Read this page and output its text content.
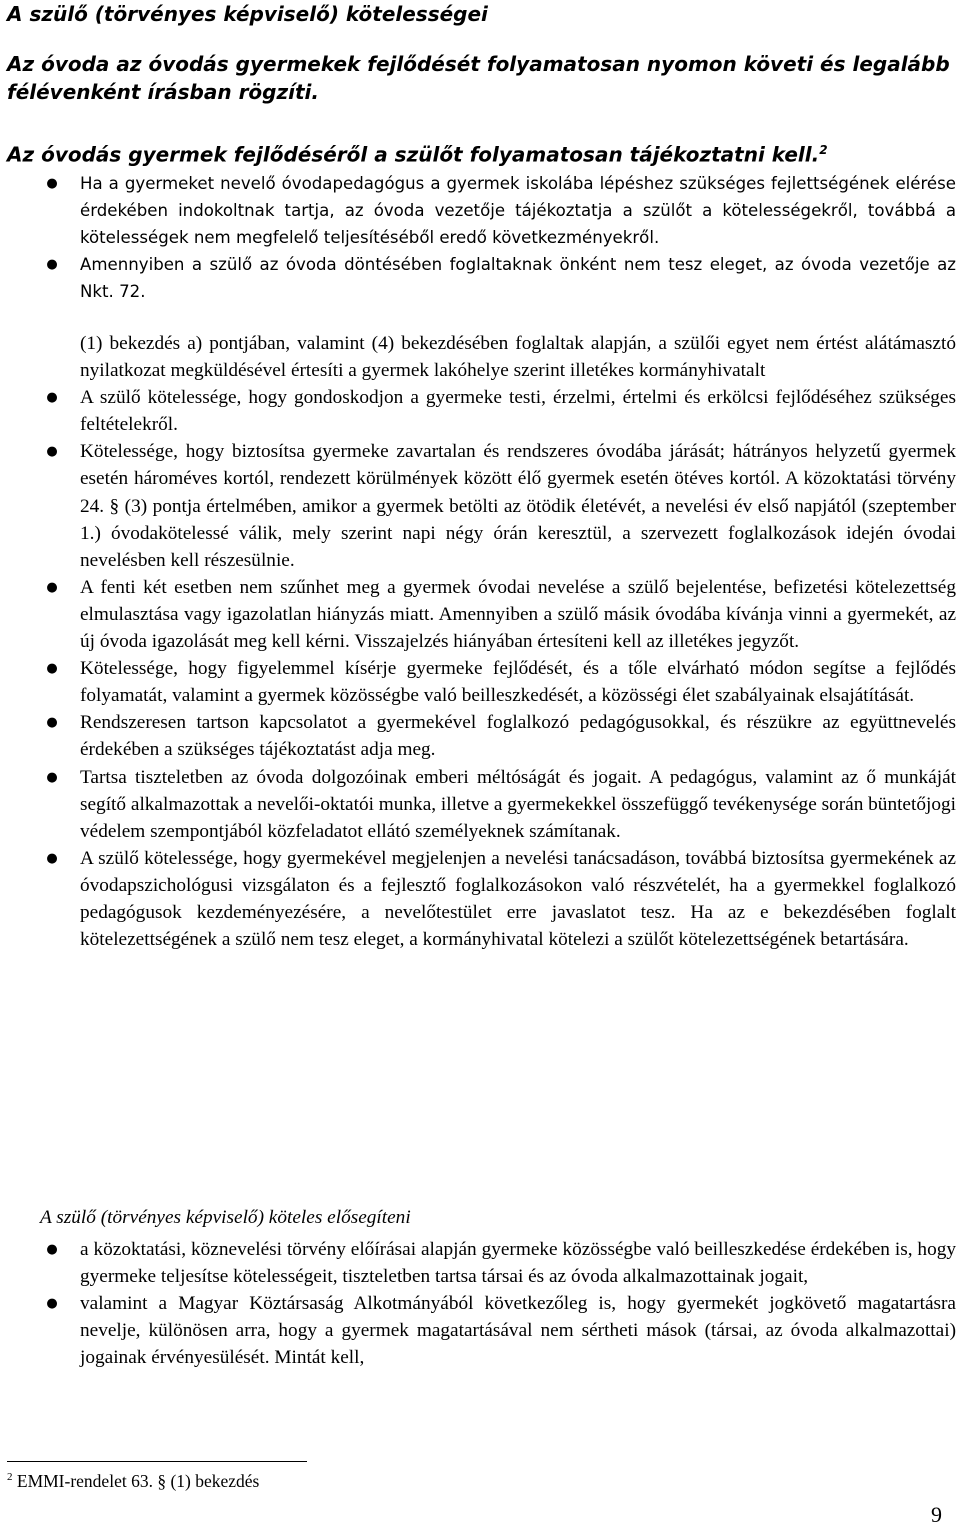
A szülő (törvényes képviselő) kötelességei

Az óvoda az óvodás gyermekek fejlődését folyamatosan nyomon követi és legalább félévenként írásban rögzíti.

Az óvodás gyermek fejlődéséről a szülőt folyamatosan tájékoztatni kell.$^2$

● Ha a gyermeket nevelő óvodapedagógus a gyermek iskolába lépéshez szükséges fejlettségének elérése érdekében indokoltnak tartja, az óvoda vezetője tájékoztatja a szülőt a kötelességekről, továbbá a kötelességek nem megfelelő teljesítéséből eredő következményekről.
● Amennyiben a szülő az óvoda döntésében foglaltaknak önként nem tesz eleget, az óvoda vezetője az Nkt. 72.
(1) bekezdés a) pontjában, valamint (4) bekezdésében foglaltak alapján, a szülői egyet nem értést alátámasztó nyilatkozat megküldésével értesíti a gyermek lakóhelye szerint illetékes kormányhivatalt
● A szülő kötelessége, hogy gondoskodjon a gyermeke testi, érzelmi, értelmi és erkölcsi fejlődéséhez szükséges feltételekről.
● Kötelessége, hogy biztosítsa gyermeke zavartalan és rendszeres óvodába járását; hátrányos helyzetű gyermek esetén hároméves kortól, rendezett körülmények között élő gyermek esetén ötéves kortól. A közoktatási törvény 24. § (3) pontja értelmében, amikor a gyermek betölti az ötödik életévét, a nevelési év első napjától (szeptember 1.) óvodakötelessé válik, mely szerint napi négy órán keresztül, a szervezett foglalkozások idején óvodai nevelésben kell részesülnie.
● A fenti két esetben nem szűnhet meg a gyermek óvodai nevelése a szülő bejelentése, befizetési kötelezettség elmulasztása vagy igazolatlan hiányzás miatt. Amennyiben a szülő másik óvodába kívánja vinni a gyermekét, az új óvoda igazolását meg kell kérni. Visszajelzés hiányában értesíteni kell az illetékes jegyzőt.
● Kötelessége, hogy figyelemmel kísérje gyermeke fejlődését, és a tőle elvárható módon segítse a fejlődés folyamatát, valamint a gyermek közösségbe való beilleszkedését, a közösségi élet szabályainak elsajátítását.
● Rendszeresen tartson kapcsolatot a gyermekével foglalkozó pedagógusokkal, és részükre az együttnevelés érdekében a szükséges tájékoztatást adja meg.
● Tartsa tiszteletben az óvoda dolgozóinak emberi méltóságát és jogait. A pedagógus, valamint az ő munkáját segítő alkalmazottak a nevelői-oktatói munka, illetve a gyermekekkel összefüggő tevékenysége során büntetőjogi védelem szempontjából közfeladatot ellátó személyeknek számítanak.
● A szülő kötelessége, hogy gyermekével megjelenjen a nevelési tanácsadáson, továbbá biztosítsa gyermekének az óvodapszichológusi vizsgálaton és a fejlesztő foglalkozásokon való részvételét, ha a gyermekkel foglalkozó pedagógusok kezdeményezésére, a nevelőtestület erre javaslatot tesz. Ha az e bekezdésében foglalt kötelezettségének a szülő nem tesz eleget, a kormányhivatal kötelezi a szülőt kötelezettségének betartására.

A szülő (törvényes képviselő) köteles elősegíteni

● a közoktatási, köznevelési törvény előírásai alapján gyermeke közösségbe való beilleszkedése érdekében is, hogy gyermeke teljesítse kötelességeit, tiszteletben tartsa társai és az óvoda alkalmazottainak jogait,
● valamint a Magyar Köztársaság Alkotmányából következőleg is, hogy gyermekét jogkövető magatartásra nevelje, különösen arra, hogy a gyermek magatartásával nem sértheti mások (társai, az óvoda alkalmazottai) jogainak érvényesülését. Mintát kell,

$^2$ EMMI-rendelet 63. § (1) bekezdés

9
